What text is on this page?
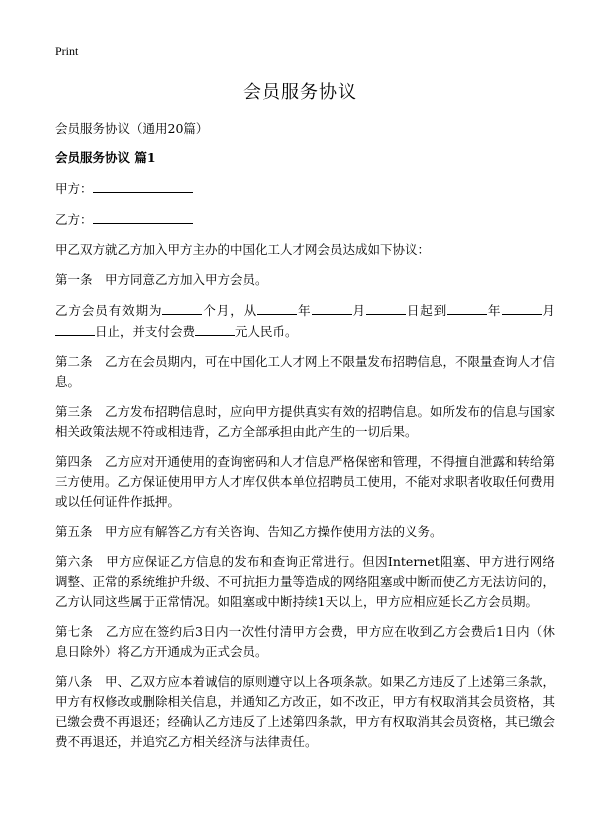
Print
会员服务协议

会员服务协议（通用20篇）

会员服务协议 篇1

甲方：

乙方：

甲乙双方就乙方加入甲方主办的中国化工人才网会员达成如下协议：

第一条　甲方同意乙方加入甲方会员。

乙方会员有效期为	个月，从	年	月	日起到	年	月日止，并支付会费	元人民币。

第二条　乙方在会员期内，可在中国化工人才网上不限量发布招聘信息，不限量查询人才信息。

第三条　乙方发布招聘信息时，应向甲方提供真实有效的招聘信息。如所发布的信息与国家相关政策法规不符或相违背，乙方全部承担由此产生的一切后果。

第四条　乙方应对开通使用的查询密码和人才信息严格保密和管理，不得擅自泄露和转给第三方使用。乙方保证使用甲方人才库仅供本单位招聘员工使用，不能对求职者收取任何费用或以任何证件作抵押。

第五条　甲方应有解答乙方有关咨询、告知乙方操作使用方法的义务。

第六条　甲方应保证乙方信息的发布和查询正常进行。但因Internet阻塞、甲方进行网络调整、正常的系统维护升级、不可抗拒力量等造成的网络阻塞或中断而使乙方无法访问的，乙方认同这些属于正常情况。如阻塞或中断持续1天以上，甲方应相应延长乙方会员期。

第七条　乙方应在签约后3日内一次性付清甲方会费，甲方应在收到乙方会费后1日内（休息日除外）将乙方开通成为正式会员。

第八条　甲、乙双方应本着诚信的原则遵守以上各项条款。如果乙方违反了上述第三条款，甲方有权修改或删除相关信息，并通知乙方改正，如不改正，甲方有权取消其会员资格，其已缴会费不再退还；经确认乙方违反了上述第四条款，甲方有权取消其会员资格，其已缴会费不再退还，并追究乙方相关经济与法律责任。
